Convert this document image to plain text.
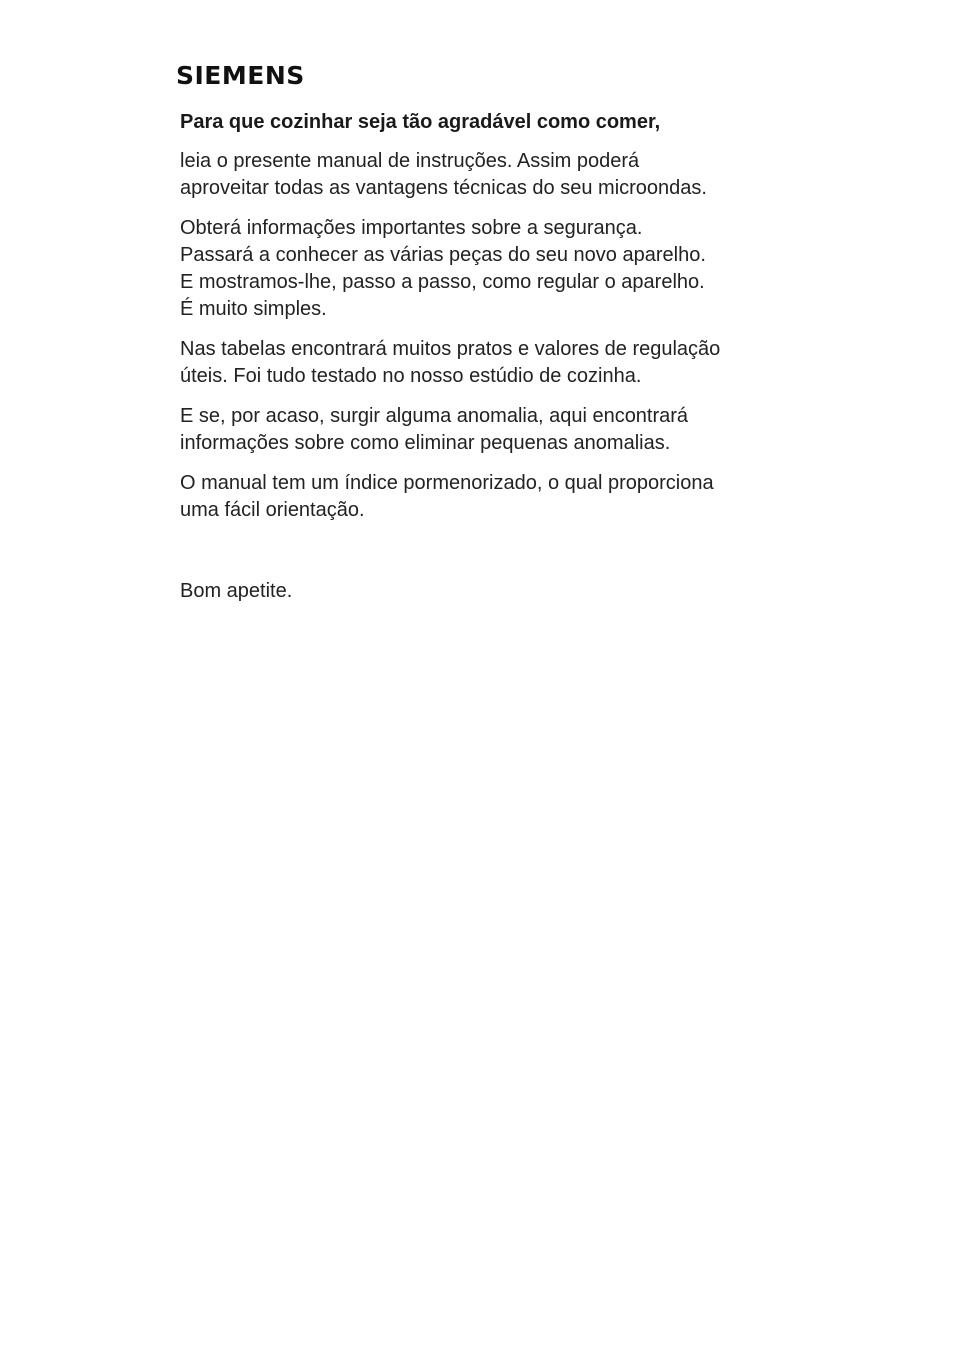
SIEMENS
Para que cozinhar seja tão agradável como comer,

leia o presente manual de instruções. Assim poderá
aproveitar todas as vantagens técnicas do seu microondas.

Obterá informações importantes sobre a segurança.
Passará a conhecer as várias peças do seu novo aparelho.
E mostramos-lhe, passo a passo, como regular o aparelho.
É muito simples.

Nas tabelas encontrará muitos pratos e valores de regulação
úteis. Foi tudo testado no nosso estúdio de cozinha.

E se, por acaso, surgir alguma anomalia, aqui encontrará
informações sobre como eliminar pequenas anomalias.

O manual tem um índice pormenorizado, o qual proporciona
uma fácil orientação.

Bom apetite.
